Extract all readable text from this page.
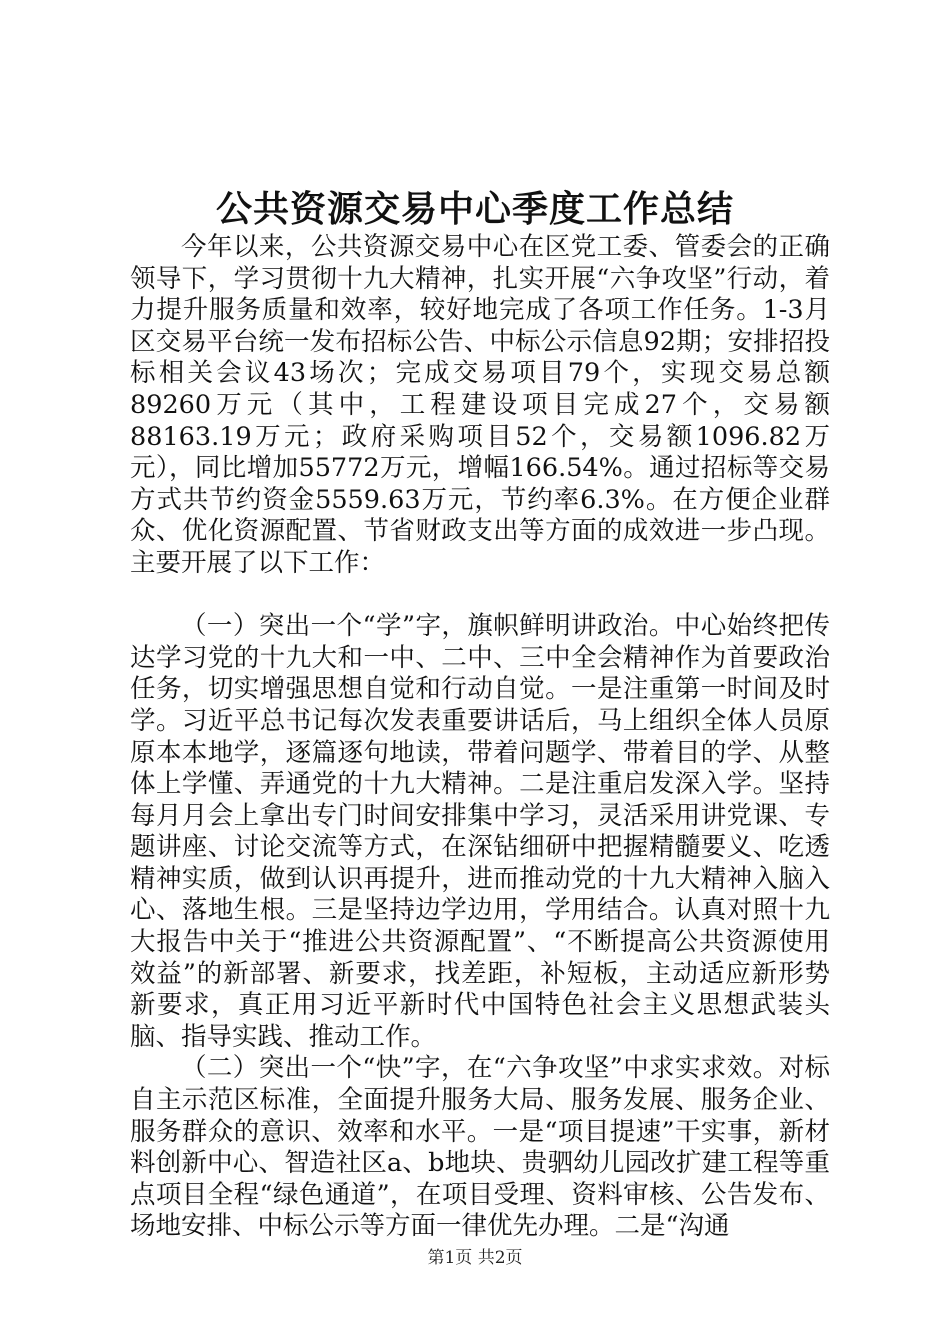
公共资源交易中心季度工作总结

今年以来，公共资源交易中心在区党工委、管委会的正确领导下，学习贯彻十九大精神，扎实开展“六争攻坚”行动，着力提升服务质量和效率，较好地完成了各项工作任务。1-3月区交易平台统一发布招标公告、中标公示信息92期；安排招投标相关会议43场次；完成交易项目79个，实现交易总额89260万元（其中，工程建设项目完成27个，交易额88163.19万元；政府采购项目52个，交易额1096.82万元），同比增加55772万元，增幅166.54%。通过招标等交易方式共节约资金5559.63万元，节约率6.3%。在方便企业群众、优化资源配置、节省财政支出等方面的成效进一步凸现。主要开展了以下工作：

（一）突出一个“学”字，旗帜鲜明讲政治。中心始终把传达学习党的十九大和一中、二中、三中全会精神作为首要政治任务，切实增强思想自觉和行动自觉。一是注重第一时间及时学。习近平总书记每次发表重要讲话后，马上组织全体人员原原本本地学，逐篇逐句地读，带着问题学、带着目的学、从整体上学懂、弄通党的十九大精神。二是注重启发深入学。坚持每月月会上拿出专门时间安排集中学习，灵活采用讲党课、专题讲座、讨论交流等方式，在深钻细研中把握精髓要义、吃透精神实质，做到认识再提升，进而推动党的十九大精神入脑入心、落地生根。三是坚持边学边用，学用结合。认真对照十九大报告中关于“推进公共资源配置”、“不断提高公共资源使用效益”的新部署、新要求，找差距，补短板，主动适应新形势新要求，真正用习近平新时代中国特色社会主义思想武装头脑、指导实践、推动工作。

（二）突出一个“快”字，在“六争攻坚”中求实求效。对标自主示范区标准，全面提升服务大局、服务发展、服务企业、服务群众的意识、效率和水平。一是“项目提速”干实事，新材料创新中心、智造社区a、b地块、贵驷幼儿园改扩建工程等重点项目全程“绿色通道”，在项目受理、资料审核、公告发布、场地安排、中标公示等方面一律优先办理。二是“沟通

第1页 共2页
